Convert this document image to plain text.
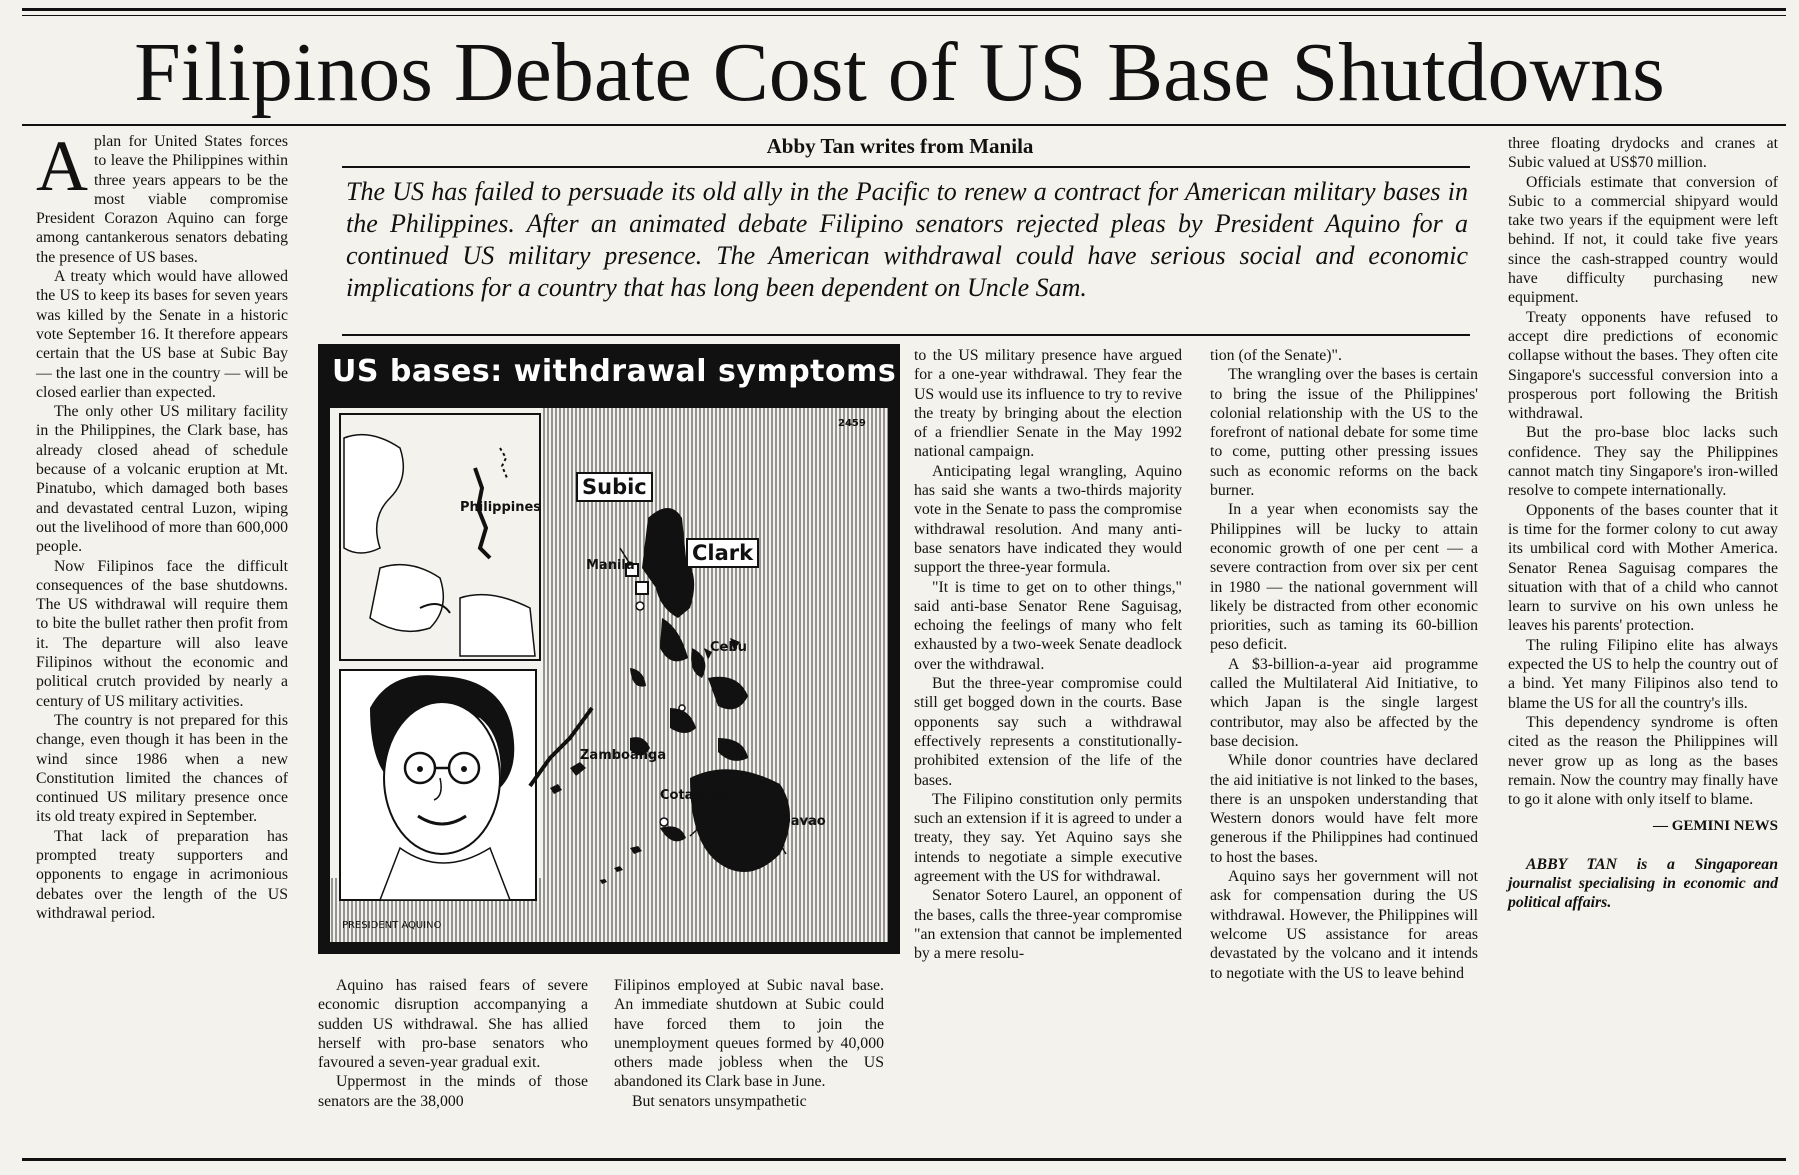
Filipinos Debate Cost of US Base Shutdowns

Aplan for United States forces to leave the Philippines within three years appears to be the most viable compromise President Corazon Aquino can forge among cantankerous senators debating the presence of US bases.

A treaty which would have allowed the US to keep its bases for seven years was killed by the Senate in a historic vote September 16. It therefore appears certain that the US base at Subic Bay — the last one in the country — will be closed earlier than expected.

The only other US military facility in the Philippines, the Clark base, has already closed ahead of schedule because of a volcanic eruption at Mt. Pinatubo, which damaged both bases and devastated central Luzon, wiping out the livelihood of more than 600,000 people.

Now Filipinos face the difficult consequences of the base shutdowns. The US withdrawal will require them to bite the bullet rather then profit from it. The departure will also leave Filipinos without the economic and political crutch provided by nearly a century of US military activities.

The country is not prepared for this change, even though it has been in the wind since 1986 when a new Constitution limited the chances of continued US military presence once its old treaty expired in September.

That lack of preparation has prompted treaty supporters and opponents to engage in acrimonious debates over the length of the US withdrawal period.

Abby Tan writes from Manila
The US has failed to persuade its old ally in the Pacific to renew a contract for American military bases in the Philippines. After an animated debate Filipino senators rejected pleas by President Aquino for a continued US military presence. The American withdrawal could have serious social and economic implications for a country that has long been dependent on Uncle Sam.
US bases: withdrawal symptoms
Subic
Clark
Philippines
Manila
Cebu
Zamboanga
Cotabato
Davao
2459
PRESIDENT AQUINO

Aquino has raised fears of severe economic disruption accompanying a sudden US withdrawal. She has allied herself with pro-base senators who favoured a seven-year gradual exit.

Uppermost in the minds of those senators are the 38,000

Filipinos employed at Subic naval base. An immediate shutdown at Subic could have forced them to join the unemployment queues formed by 40,000 others made jobless when the US abandoned its Clark base in June.

But senators unsympathetic

to the US military presence have argued for a one-year withdrawal. They fear the US would use its influence to try to revive the treaty by bringing about the election of a friendlier Senate in the May 1992 national campaign.

Anticipating legal wrangling, Aquino has said she wants a two-thirds majority vote in the Senate to pass the compromise withdrawal resolution. And many anti-base senators have indicated they would support the three-year formula.

"It is time to get on to other things," said anti-base Senator Rene Saguisag, echoing the feelings of many who felt exhausted by a two-week Senate deadlock over the withdrawal.

But the three-year compromise could still get bogged down in the courts. Base opponents say such a withdrawal effectively represents a constitutionally-prohibited extension of the life of the bases.

The Filipino constitution only permits such an extension if it is agreed to under a treaty, they say. Yet Aquino says she intends to negotiate a simple executive agreement with the US for withdrawal.

Senator Sotero Laurel, an opponent of the bases, calls the three-year compromise "an extension that cannot be implemented by a mere resolu-

tion (of the Senate)".

The wrangling over the bases is certain to bring the issue of the Philippines' colonial relationship with the US to the forefront of national debate for some time to come, putting other pressing issues such as economic reforms on the back burner.

In a year when economists say the Philippines will be lucky to attain economic growth of one per cent — a severe contraction from over six per cent in 1980 — the national government will likely be distracted from other economic priorities, such as taming its 60-billion peso deficit.

A $3-billion-a-year aid programme called the Multilateral Aid Initiative, to which Japan is the single largest contributor, may also be affected by the base decision.

While donor countries have declared the aid initiative is not linked to the bases, there is an unspoken understanding that Western donors would have felt more generous if the Philippines had continued to host the bases.

Aquino says her government will not ask for compensation during the US withdrawal. However, the Philippines will welcome US assistance for areas devastated by the volcano and it intends to negotiate with the US to leave behind

three floating drydocks and cranes at Subic valued at US$70 million.

Officials estimate that conversion of Subic to a commercial shipyard would take two years if the equipment were left behind. If not, it could take five years since the cash-strapped country would have difficulty purchasing new equipment.

Treaty opponents have refused to accept dire predictions of economic collapse without the bases. They often cite Singapore's successful conversion into a prosperous port following the British withdrawal.

But the pro-base bloc lacks such confidence. They say the Philippines cannot match tiny Singapore's iron-willed resolve to compete internationally.

Opponents of the bases counter that it is time for the former colony to cut away its umbilical cord with Mother America. Senator Renea Saguisag compares the situation with that of a child who cannot learn to survive on his own unless he leaves his parents' protection.

The ruling Filipino elite has always expected the US to help the country out of a bind. Yet many Filipinos also tend to blame the US for all the country's ills.

This dependency syndrome is often cited as the reason the Philippines will never grow up as long as the bases remain. Now the country may finally have to go it alone with only itself to blame.

— GEMINI NEWS

ABBY TAN is a Singaporean journalist specialising in economic and political affairs.
